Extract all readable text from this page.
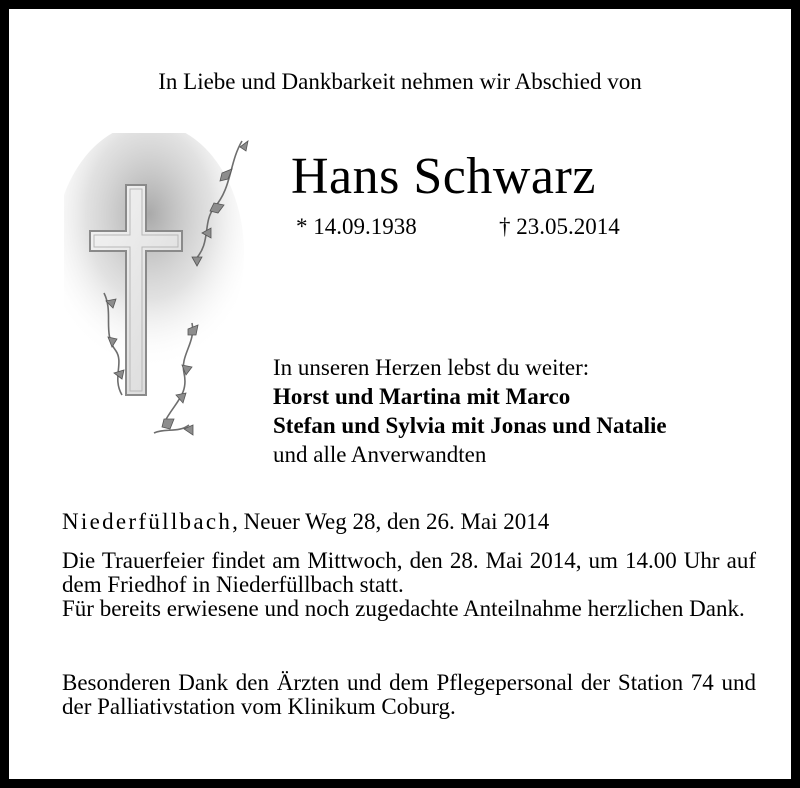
In Liebe und Dankbarkeit nehmen wir Abschied von
Hans Schwarz
* 14.09.1938	† 23.05.2014
In unseren Herzen lebst du weiter:
Horst und Martina mit Marco
Stefan und Sylvia mit Jonas und Natalie
und alle Anverwandten
Niederfüllbach, Neuer Weg 28, den 26. Mai 2014
Die Trauerfeier findet am Mittwoch, den 28. Mai 2014, um 14.00 Uhr auf dem Friedhof in Niederfüllbach statt.
Für bereits erwiesene und noch zugedachte Anteilnahme herzlichen Dank.
Besonderen Dank den Ärzten und dem Pflegepersonal der Station 74 und der Palliativstation vom Klinikum Coburg.
